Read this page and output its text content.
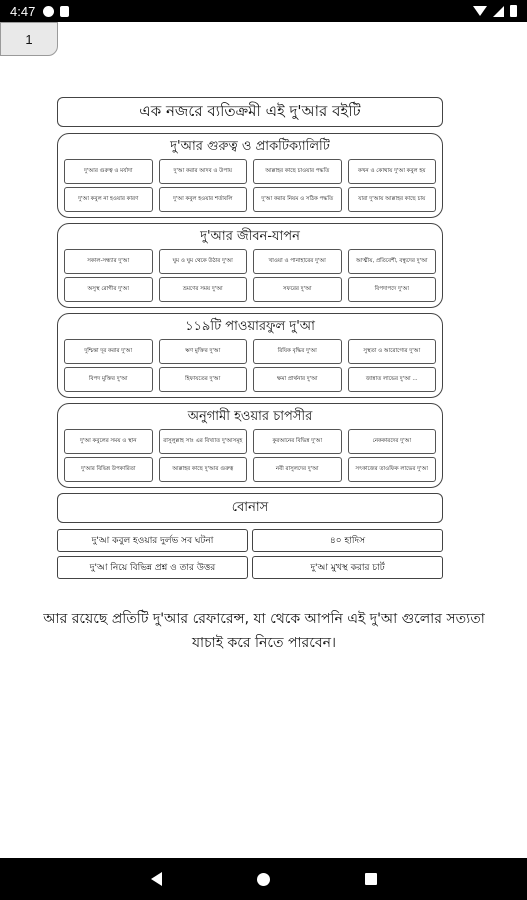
4:47
1
এক নজরে ব্যতিক্রমী এই দু'আর বইটি
দু'আর গুরুত্ব ও প্রাকটিক্যালিটি
দু'আর গুরুত্ব ও মর্যাদা	দু'আ করার আদব ও উপায়	আল্লাহর কাছে চাওয়ার পদ্ধতি	কখন ও কোথায় দু'আ কবুল হয়
দু'আ কবুল না হওয়ার কারণ	দু'আ কবুল হওয়ার শর্তাবলি	দু'আ করার নিয়ম ও সঠিক পদ্ধতি	যারা দু'আয় আল্লাহর কাছে চায়
দু'আর জীবন-যাপন
সকাল-সন্ধ্যার দু'আ	ঘুম ও ঘুম থেকে উঠার দু'আ	খাওয়া ও পানাহারের দু'আ	আত্মীয়, প্রতিবেশী, বন্ধুদের দু'আ
অসুস্থ রোগীর দু'আ	ভ্রমণের সময় দু'আ	সফরের দু'আ	বিপদাপদে দু'আ
১১৯টি পাওয়ারফুল দু'আ
দুশ্চিন্তা দূর করার দু'আ	ঋণ মুক্তির দু'আ	রিযিক বৃদ্ধির দু'আ	সুস্থতা ও আরোগ্যের দু'আ
বিপদ মুক্তির দু'আ	হিফাযতের দু'আ	ক্ষমা প্রার্থনার দু'আ	জান্নাত লাভের দু'আ ...
অনুগামী হওয়ার চাপসীর
দু'আ কবুলের সময় ও স্থান	রাসুলুল্লাহ সাঃ এর বিখ্যাত দু'আসমূহ	কুরআনের বিভিন্ন দু'আ	নেককারদের দু'আ
দু'আর বিভিন্ন উপকারিতা	আল্লাহর কাছে দু'আর গুরুত্ব	নবী রাসুলদের দু'আ	সৎকাজের তাওফিক লাভের দু'আ
বোনাস
দু'আ কবুল হওয়ার দুর্লভ সব ঘটনা	৪০ হাদিস
দু'আ নিয়ে বিভিন্ন প্রশ্ন ও তার উত্তর	দু'আ মুখস্থ করার চার্ট
আর রয়েছে প্রতিটি দু'আর রেফারেন্স, যা থেকে আপনি এই দু'আ গুলোর সত্যতা যাচাই করে নিতে পারবেন।
